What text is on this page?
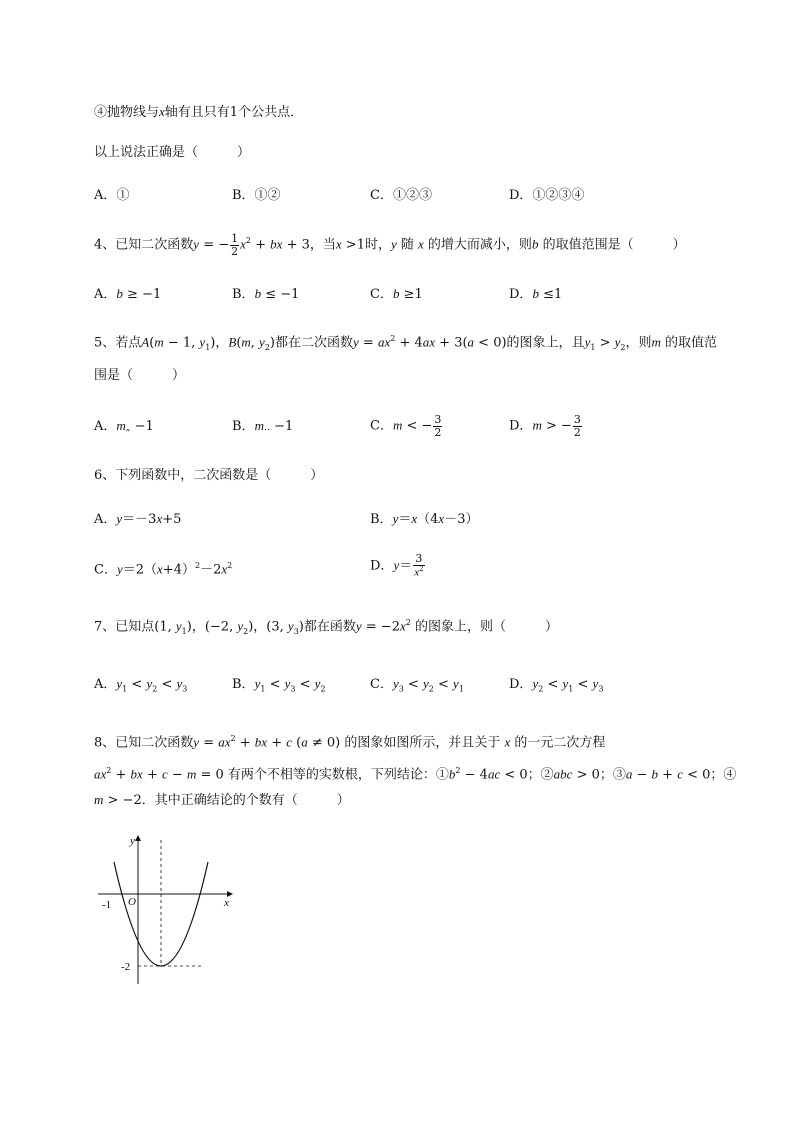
④抛物线与x轴有且只有1个公共点．
以上说法正确是（　　　）
A．①	B．①②	C．①②③	D．①②③④
4、已知二次函数y = − $\frac{1}{2} x^2$ + bx + 3，当x >1时，y 随 x 的增大而减小，则b 的取值范围是（　　　）
A．b ≥ −1	B．b ≤ −1	C．b ≥1	D．b ≤1
5、若点A(m − 1, $y_1$)，B(m, $y_2$)都在二次函数$y = ax^2 + 4ax + 3(a < 0)$的图象上，且$y_1 > y_2$，则m 的取值范
围是（　　　）
A．m„ −1	B．m‥ −1	C．m < − $\frac{3}{2}$	D．m > − $\frac{3}{2}$
6、下列函数中，二次函数是（　　　）
A．y＝－3x+5	B．y＝x（4x－3）
C．$y=2(x+4)^2-2x^2$	D．$y= \frac{3}{x^2}$
7、已知点(1, $y_1$)，(−2, $y_2$)，(3, $y_3$)都在函数$y = -2x^2$ 的图象上，则（　　　）
A．$y_1 < y_2 < y_3$	B．$y_1 < y_3 < y_2$	C．$y_3 < y_2 < y_1$	D．$y_2 < y_1 < y_3$
8、已知二次函数$y = ax^2$ + bx + c (a ≠ 0) 的图象如图所示，并且关于 x 的一元二次方程
$ax^2$ + bx + c − m = 0 有两个不相等的实数根，下列结论：$①b^2 - 4ac < 0$；②abc > 0；③a − b + c < 0；④
m > −2．其中正确结论的个数有（　　　）
y
x
O
-1
-2
